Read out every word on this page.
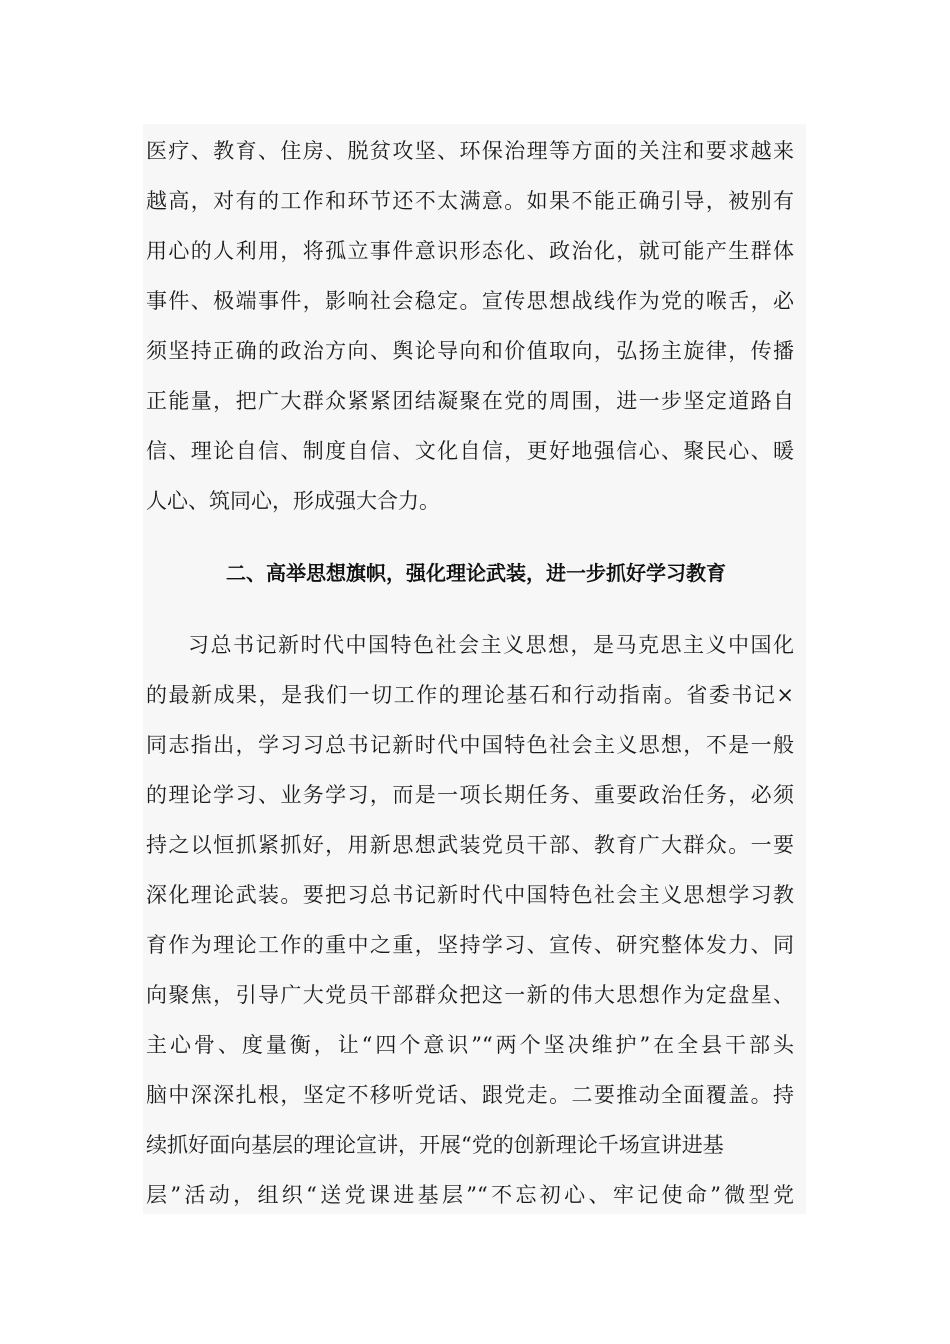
医疗、教育、住房、脱贫攻坚、环保治理等方面的关注和要求越来
越高，对有的工作和环节还不太满意。如果不能正确引导，被别有
用心的人利用，将孤立事件意识形态化、政治化，就可能产生群体
事件、极端事件，影响社会稳定。宣传思想战线作为党的喉舌，必
须坚持正确的政治方向、舆论导向和价值取向，弘扬主旋律，传播
正能量，把广大群众紧紧团结凝聚在党的周围，进一步坚定道路自
信、理论自信、制度自信、文化自信，更好地强信心、聚民心、暖
人心、筑同心，形成强大合力。
二、高举思想旗帜，强化理论武装，进一步抓好学习教育
习总书记新时代中国特色社会主义思想，是马克思主义中国化
的最新成果，是我们一切工作的理论基石和行动指南。省委书记×
同志指出，学习习总书记新时代中国特色社会主义思想，不是一般
的理论学习、业务学习，而是一项长期任务、重要政治任务，必须
持之以恒抓紧抓好，用新思想武装党员干部、教育广大群众。一要
深化理论武装。要把习总书记新时代中国特色社会主义思想学习教
育作为理论工作的重中之重，坚持学习、宣传、研究整体发力、同
向聚焦，引导广大党员干部群众把这一新的伟大思想作为定盘星、
主心骨、度量衡，让“四个意识”“两个坚决维护”在全县干部头
脑中深深扎根，坚定不移听党话、跟党走。二要推动全面覆盖。持
续抓好面向基层的理论宣讲，开展“党的创新理论千场宣讲进基
层”活动，组织“送党课进基层”“不忘初心、牢记使命”微型党
